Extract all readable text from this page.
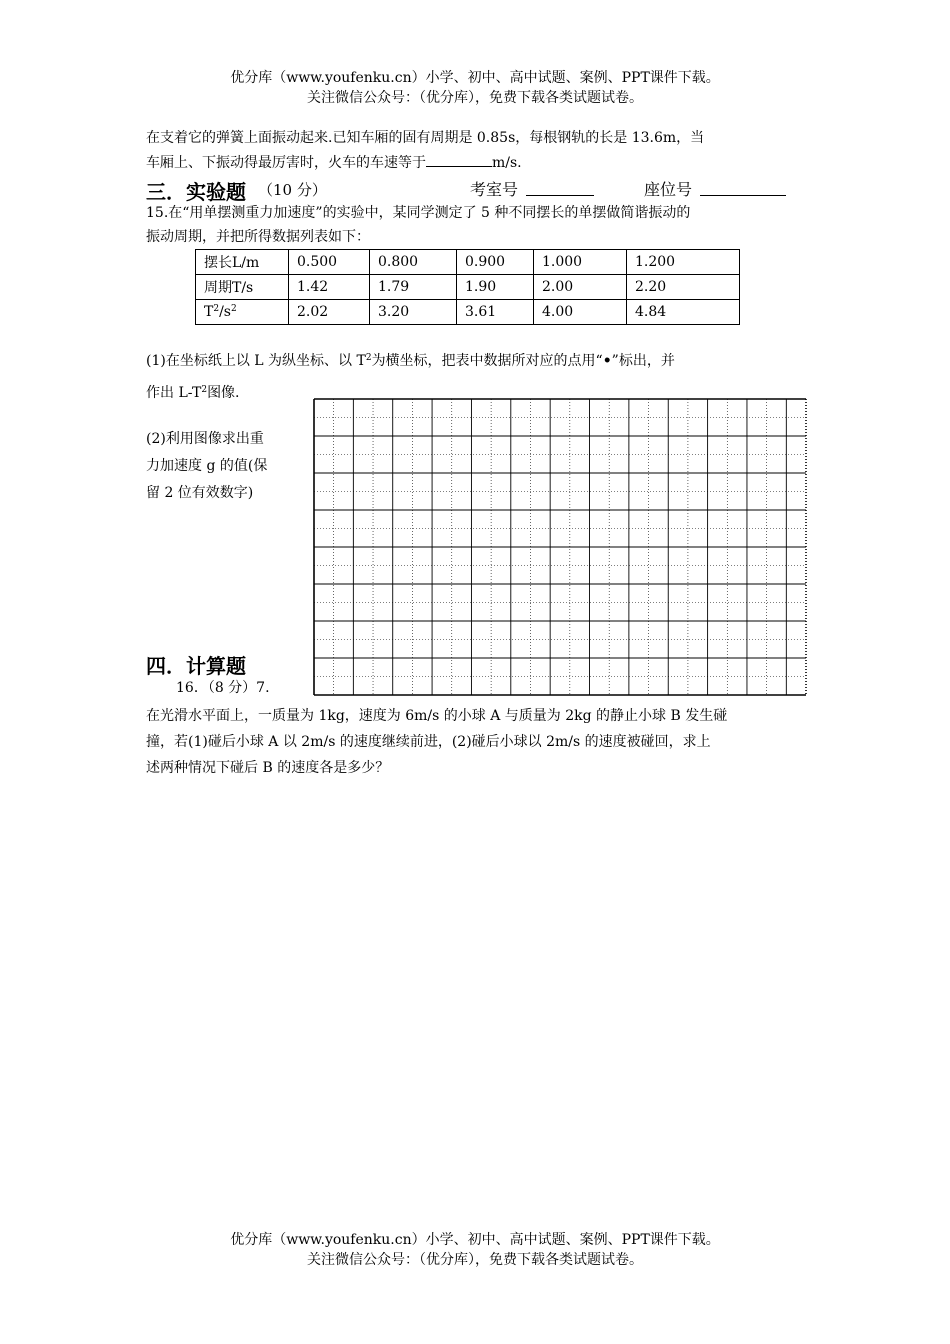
优分库（www.youfenku.cn）小学、初中、高中试题、案例、PPT课件下载。
关注微信公众号：（优分库），免费下载各类试题试卷。
在支着它的弹簧上面振动起来.已知车厢的固有周期是 0.85s，每根钢轨的长是 13.6m，当
车厢上、下振动得最厉害时，火车的车速等于	m/s.
三．实验题 （10 分）	考室号	座位号
15.在“用单摆测重力加速度”的实验中，某同学测定了 5 种不同摆长的单摆做简谐振动的
振动周期，并把所得数据列表如下：
摆长L/m	0.500	0.800	0.900	1.000	1.200
周期T/s	1.42	1.79	1.90	2.00	2.20
$T^2/s^2$	2.02	3.20	3.61	4.00	4.84
(1)在坐标纸上以 L 为纵坐标、以 $T^2$为横坐标，把表中数据所对应的点用“•”标出，并
作出 $L-T^2$图像.
(2)利用图像求出重
力加速度 g 的值(保
留 2 位有效数字)
四．计算题
16．（8 分）7.
在光滑水平面上，一质量为 1kg，速度为 6m/s 的小球 A 与质量为 2kg 的静止小球 B 发生碰
撞，若(1)碰后小球 A 以 2m/s 的速度继续前进，(2)碰后小球以 2m/s 的速度被碰回，求上
述两种情况下碰后 B 的速度各是多少？
优分库（www.youfenku.cn）小学、初中、高中试题、案例、PPT课件下载。
关注微信公众号：（优分库），免费下载各类试题试卷。
